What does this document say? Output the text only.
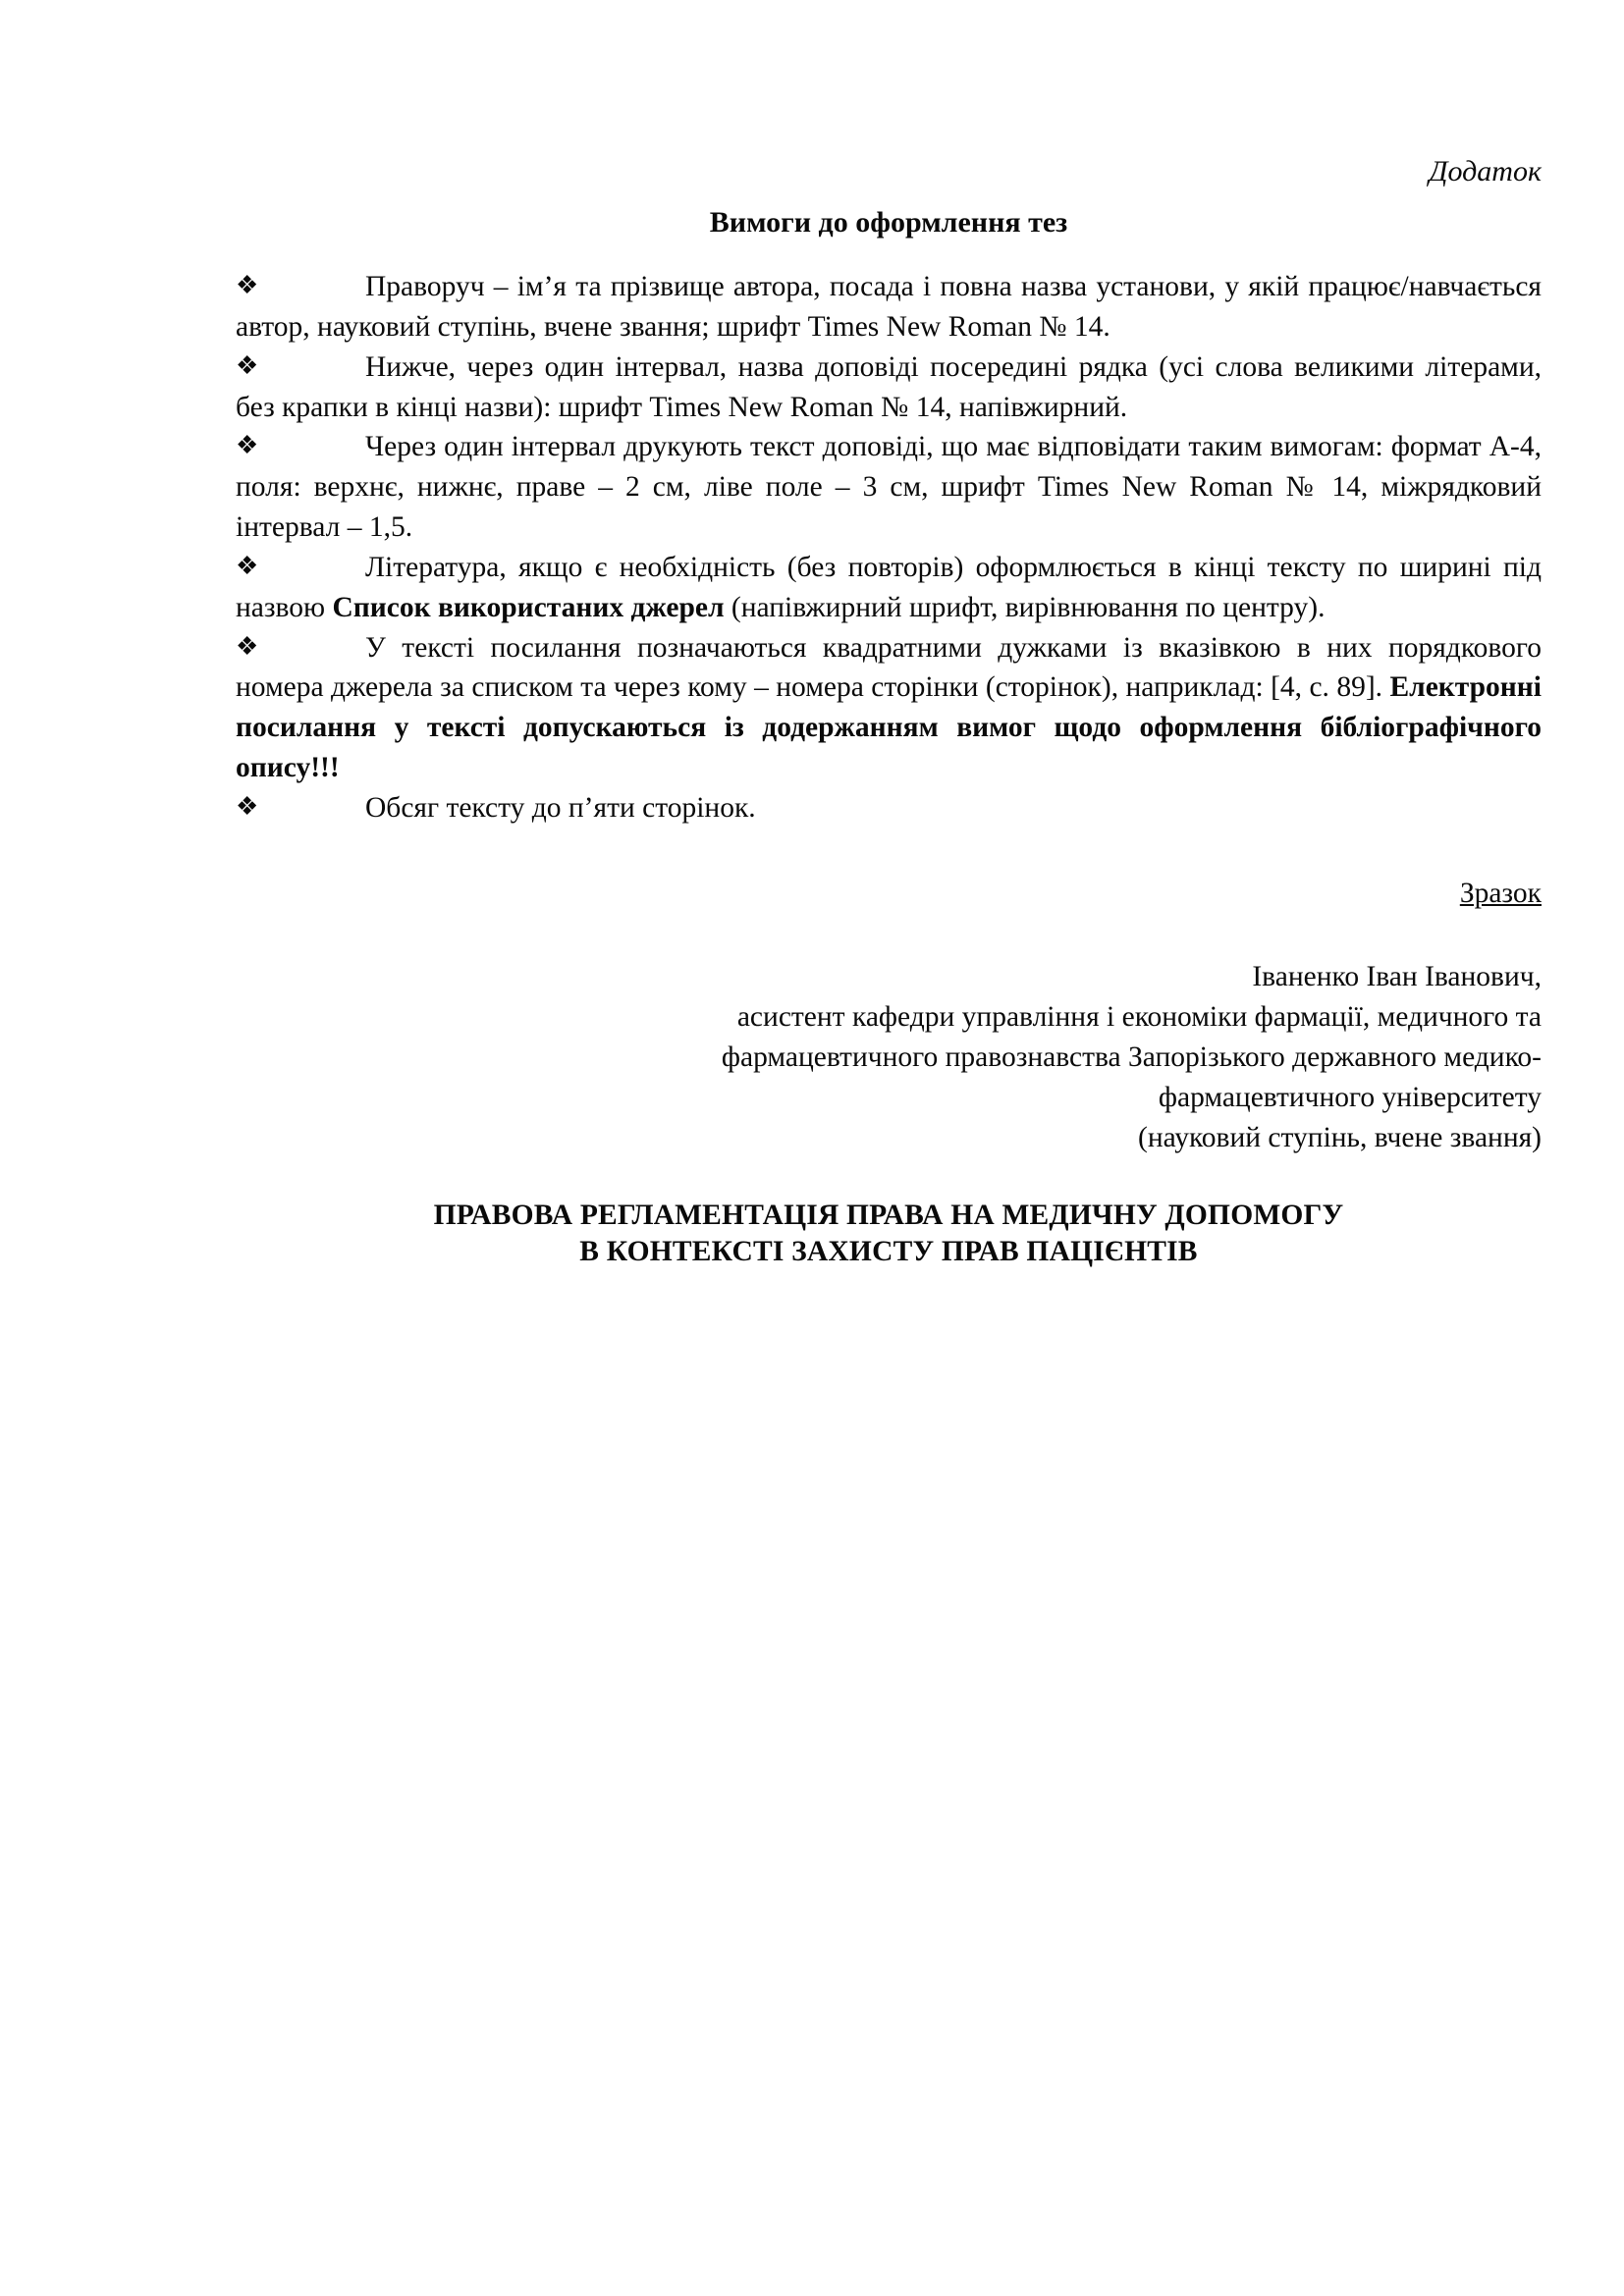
Додаток

Вимоги до оформлення тез

❖	Праворуч – ім’я та прізвище автора, посада і повна назва установи, у якій працює/навчається автор, науковий ступінь, вчене звання; шрифт Times New Roman № 14.

❖	Нижче, через один інтервал, назва доповіді посередині рядка (усі слова великими літерами, без крапки в кінці назви): шрифт Times New Roman № 14, напівжирний.

❖	Через один інтервал друкують текст доповіді, що має відповідати таким вимогам: формат А-4, поля: верхнє, нижнє, праве – 2 см, ліве поле – 3 см, шрифт Times New Roman № 14, міжрядковий інтервал – 1,5.

❖	Література, якщо є необхідність (без повторів) оформлюється в кінці тексту по ширині під назвою Список використаних джерел (напівжирний шрифт, вирівнювання по центру).

❖	У тексті посилання позначаються квадратними дужками із вказівкою в них порядкового номера джерела за списком та через кому – номера сторінки (сторінок), наприклад: [4, с. 89]. Електронні посилання у тексті допускаються із додержанням вимог щодо оформлення бібліографічного опису!!!

❖	Обсяг тексту до п’яти сторінок.

Зразок

Іваненко Іван Іванович,
асистент кафедри управління і економіки фармації, медичного та
фармацевтичного правознавства Запорізького державного медико-
фармацевтичного університету
(науковий ступінь, вчене звання)
ПРАВОВА РЕГЛАМЕНТАЦІЯ ПРАВА НА МЕДИЧНУ ДОПОМОГУ
В КОНТЕКСТІ ЗАХИСТУ ПРАВ ПАЦІЄНТІВ
